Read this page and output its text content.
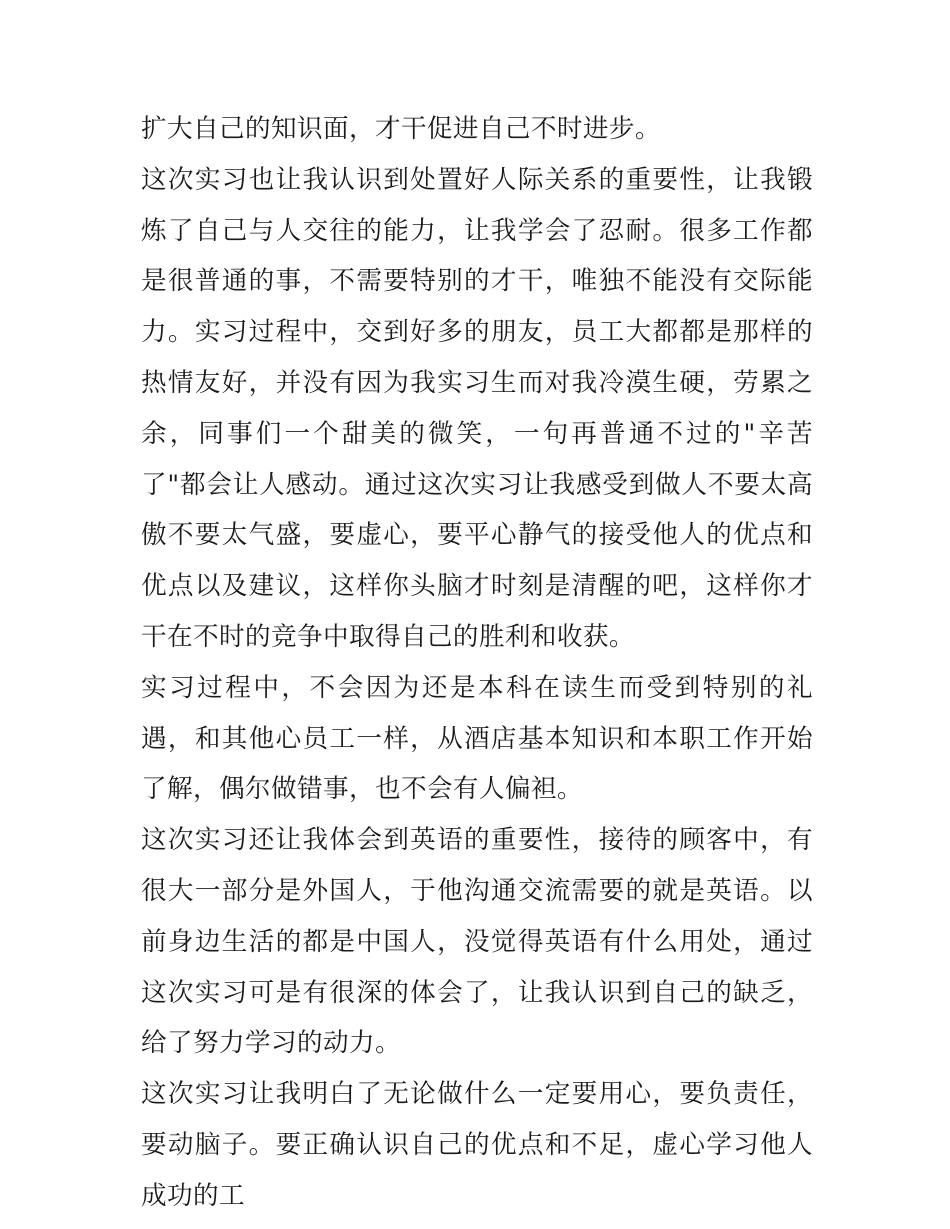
扩大自己的知识面，才干促进自己不时进步。

这次实习也让我认识到处置好人际关系的重要性，让我锻炼了自己与人交往的能力，让我学会了忍耐。很多工作都是很普通的事，不需要特别的才干，唯独不能没有交际能力。实习过程中，交到好多的朋友，员工大都都是那样的热情友好，并没有因为我实习生而对我冷漠生硬，劳累之余，同事们一个甜美的微笑，一句再普通不过的"辛苦了"都会让人感动。通过这次实习让我感受到做人不要太高傲不要太气盛，要虚心，要平心静气的接受他人的优点和优点以及建议，这样你头脑才时刻是清醒的吧，这样你才干在不时的竞争中取得自己的胜利和收获。

实习过程中，不会因为还是本科在读生而受到特别的礼遇，和其他心员工一样，从酒店基本知识和本职工作开始了解，偶尔做错事，也不会有人偏袒。

这次实习还让我体会到英语的重要性，接待的顾客中，有很大一部分是外国人，于他沟通交流需要的就是英语。以前身边生活的都是中国人，没觉得英语有什么用处，通过这次实习可是有很深的体会了，让我认识到自己的缺乏，给了努力学习的动力。

这次实习让我明白了无论做什么一定要用心，要负责任，要动脑子。要正确认识自己的优点和不足，虚心学习他人成功的工
